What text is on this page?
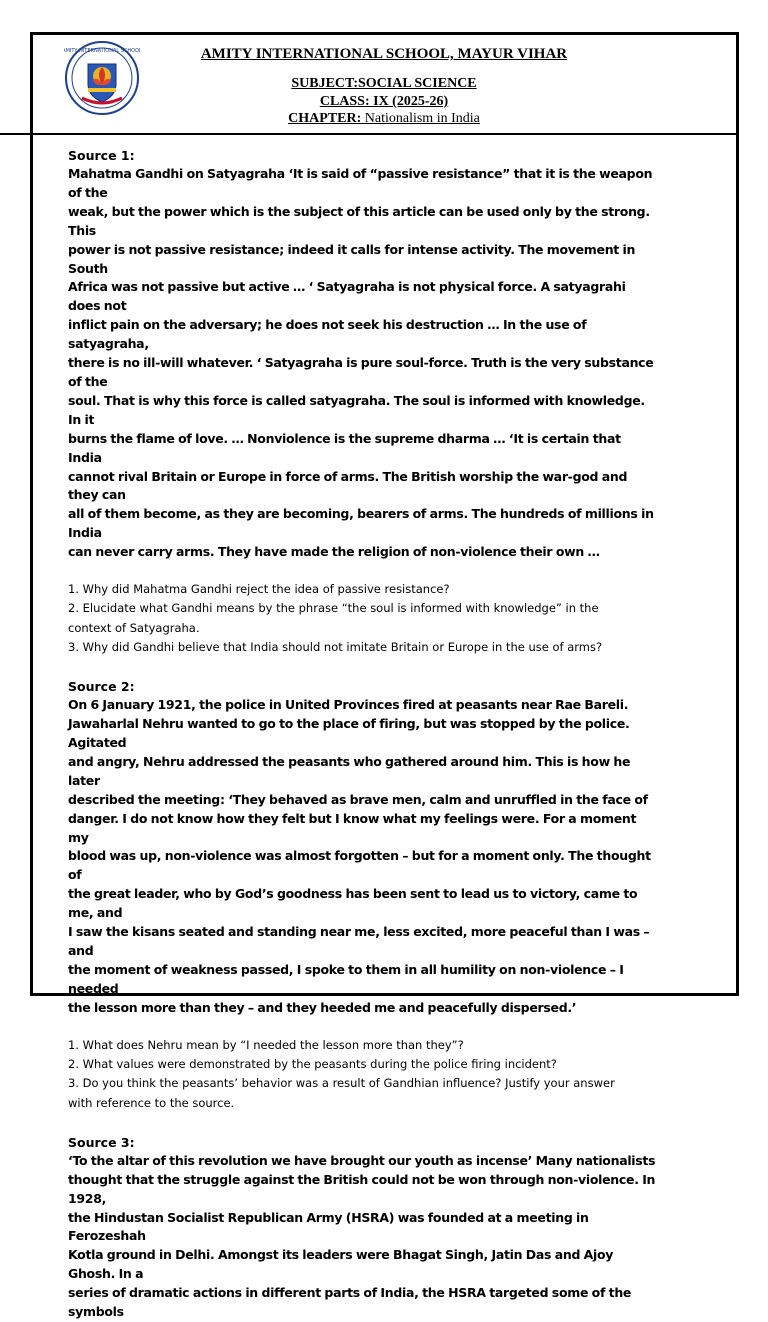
AMITY INTERNATIONAL SCHOOL	AMITY INTERNATIONAL SCHOOL, MAYUR VIHAR
SUBJECT:SOCIAL SCIENCE
CLASS: IX (2025-26)
CHAPTER: Nationalism in India

Source 1:

Mahatma Gandhi on Satyagraha ‘It is said of “passive resistance” that it is the weapon of the

weak, but the power which is the subject of this article can be used only by the strong. This

power is not passive resistance; indeed it calls for intense activity. The movement in South

Africa was not passive but active … ‘ Satyagraha is not physical force. A satyagrahi does not

inflict pain on the adversary; he does not seek his destruction … In the use of satyagraha,

there is no ill-will whatever. ‘ Satyagraha is pure soul-force. Truth is the very substance of the

soul. That is why this force is called satyagraha. The soul is informed with knowledge. In it

burns the flame of love. … Nonviolence is the supreme dharma … ‘It is certain that India

cannot rival Britain or Europe in force of arms. The British worship the war-god and they can

all of them become, as they are becoming, bearers of arms. The hundreds of millions in India

can never carry arms. They have made the religion of non-violence their own …

1. Why did Mahatma Gandhi reject the idea of passive resistance?

2. Elucidate what Gandhi means by the phrase “the soul is informed with knowledge” in the

context of Satyagraha.

3. Why did Gandhi believe that India should not imitate Britain or Europe in the use of arms?

Source 2:

On 6 January 1921, the police in United Provinces fired at peasants near Rae Bareli.

Jawaharlal Nehru wanted to go to the place of firing, but was stopped by the police. Agitated

and angry, Nehru addressed the peasants who gathered around him. This is how he later

described the meeting: ‘They behaved as brave men, calm and unruffled in the face of

danger. I do not know how they felt but I know what my feelings were. For a moment my

blood was up, non-violence was almost forgotten – but for a moment only. The thought of

the great leader, who by God’s goodness has been sent to lead us to victory, came to me, and

I saw the kisans seated and standing near me, less excited, more peaceful than I was – and

the moment of weakness passed, I spoke to them in all humility on non-violence – I needed

the lesson more than they – and they heeded me and peacefully dispersed.’

1. What does Nehru mean by “I needed the lesson more than they”?

2. What values were demonstrated by the peasants during the police firing incident?

3. Do you think the peasants’ behavior was a result of Gandhian influence? Justify your answer

with reference to the source.

Source 3:

‘To the altar of this revolution we have brought our youth as incense’ Many nationalists

thought that the struggle against the British could not be won through non-violence. In 1928,

the Hindustan Socialist Republican Army (HSRA) was founded at a meeting in Ferozeshah

Kotla ground in Delhi. Amongst its leaders were Bhagat Singh, Jatin Das and Ajoy Ghosh. In a

series of dramatic actions in different parts of India, the HSRA targeted some of the symbols
